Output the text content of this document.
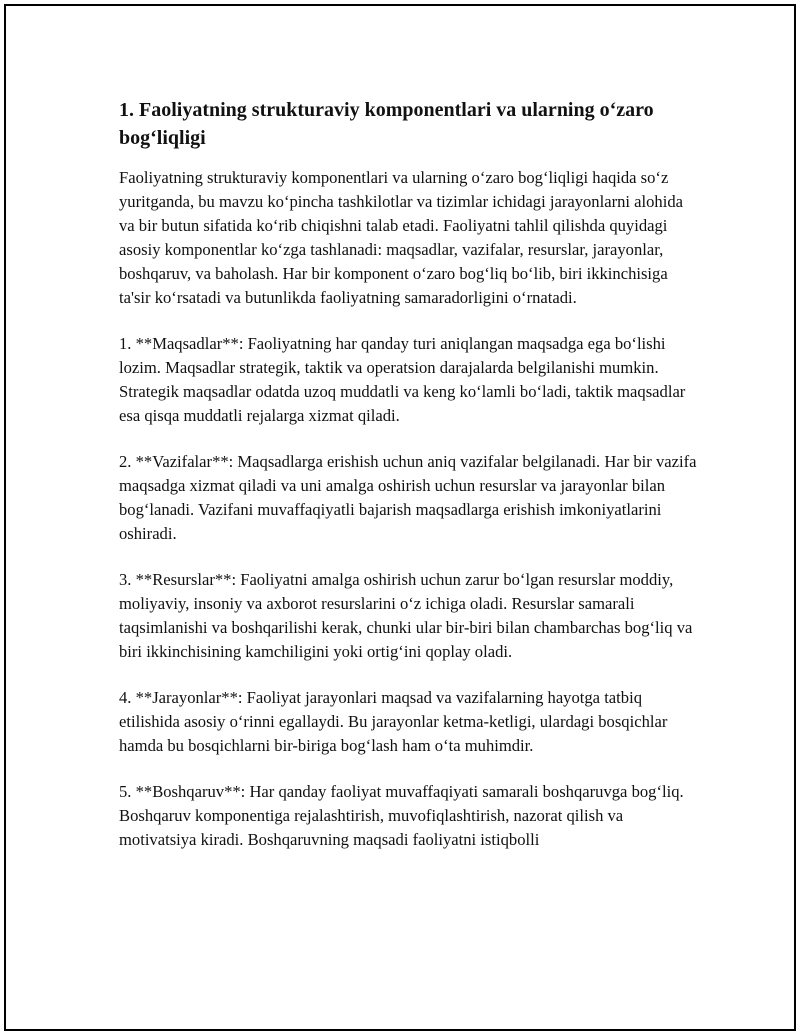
1. Faoliyatning strukturaviy komponentlari va ularning o‘zaro bog‘liqligi

Faoliyatning strukturaviy komponentlari va ularning o‘zaro bog‘liqligi haqida so‘z yuritganda, bu mavzu ko‘pincha tashkilotlar va tizimlar ichidagi jarayonlarni alohida va bir butun sifatida ko‘rib chiqishni talab etadi. Faoliyatni tahlil qilishda quyidagi asosiy komponentlar ko‘zga tashlanadi: maqsadlar, vazifalar, resurslar, jarayonlar, boshqaruv, va baholash. Har bir komponent o‘zaro bog‘liq bo‘lib, biri ikkinchisiga ta'sir ko‘rsatadi va butunlikda faoliyatning samaradorligini o‘rnatadi.

1. **Maqsadlar**: Faoliyatning har qanday turi aniqlangan maqsadga ega bo‘lishi lozim. Maqsadlar strategik, taktik va operatsion darajalarda belgilanishi mumkin. Strategik maqsadlar odatda uzoq muddatli va keng ko‘lamli bo‘ladi, taktik maqsadlar esa qisqa muddatli rejalarga xizmat qiladi.

2. **Vazifalar**: Maqsadlarga erishish uchun aniq vazifalar belgilanadi. Har bir vazifa maqsadga xizmat qiladi va uni amalga oshirish uchun resurslar va jarayonlar bilan bog‘lanadi. Vazifani muvaffaqiyatli bajarish maqsadlarga erishish imkoniyatlarini oshiradi.

3. **Resurslar**: Faoliyatni amalga oshirish uchun zarur bo‘lgan resurslar moddiy, moliyaviy, insoniy va axborot resurslarini o‘z ichiga oladi. Resurslar samarali taqsimlanishi va boshqarilishi kerak, chunki ular bir-biri bilan chambarchas bog‘liq va biri ikkinchisining kamchiligini yoki ortig‘ini qoplay oladi.

4. **Jarayonlar**: Faoliyat jarayonlari maqsad va vazifalarning hayotga tatbiq etilishida asosiy o‘rinni egallaydi. Bu jarayonlar ketma-ketligi, ulardagi bosqichlar hamda bu bosqichlarni bir-biriga bog‘lash ham o‘ta muhimdir.

5. **Boshqaruv**: Har qanday faoliyat muvaffaqiyati samarali boshqaruvga bog‘liq. Boshqaruv komponentiga rejalashtirish, muvofiqlashtirish, nazorat qilish va motivatsiya kiradi. Boshqaruvning maqsadi faoliyatni istiqbolli
